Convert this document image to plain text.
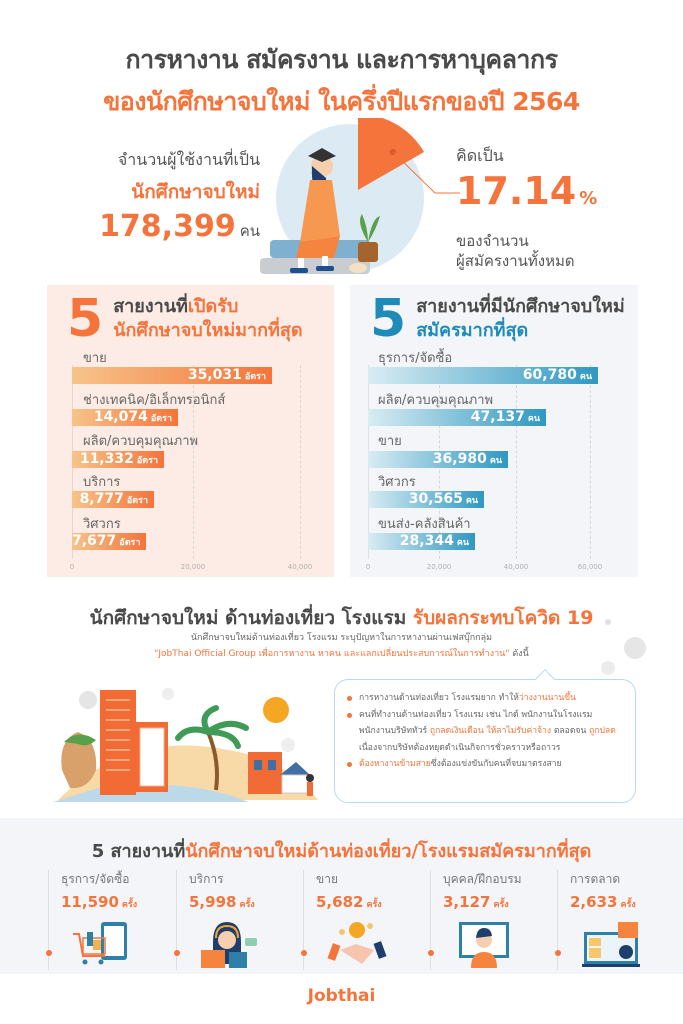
การหางาน สมัครงาน และการหาบุคลากร
ของนักศึกษาจบใหม่ ในครึ่งปีแรกของปี 2564
จำนวนผู้ใช้งานที่เป็น
นักศึกษาจบใหม่
178,399 คน
คิดเป็น
17.14 %
ของจำนวน
ผู้สมัครงานทั้งหมด
5 สายงานที่เปิดรับ
นักศึกษาจบใหม่มากที่สุด
ขาย
35,031 อัตรา
ช่างเทคนิค/อิเล็กทรอนิกส์
14,074 อัตรา
ผลิต/ควบคุมคุณภาพ
11,332 อัตรา
บริการ
8,777 อัตรา
วิศวกร
7,677 อัตรา
0	20,000	40,000
5 สายงานที่มีนักศึกษาจบใหม่
สมัครมากที่สุด
ธุรการ/จัดซื้อ
60,780 คน
ผลิต/ควบคุมคุณภาพ
47,137 คน
ขาย
36,980 คน
วิศวกร
30,565 คน
ขนส่ง-คลังสินค้า
28,344 คน
0	20,000	40,000	60,000
นักศึกษาจบใหม่ ด้านท่องเที่ยว โรงแรม รับผลกระทบโควิด 19
นักศึกษาจบใหม่ด้านท่องเที่ยว โรงแรม ระบุปัญหาในการหางานผ่านเฟสบุ๊กกลุ่ม
"JobThai Official Group เพื่อการหางาน หาคน และแลกเปลี่ยนประสบการณ์ในการทำงาน" ดังนี้
การหางานด้านท่องเที่ยว โรงแรมยาก ทำให้ว่างงานนานขึ้น
คนที่ทำงานด้านท่องเที่ยว โรงแรม เช่น ไกด์ พนักงานในโรงแรม พนักงานบริษัททัวร์ ถูกลดเงินเดือน ให้ลาไม่รับค่าจ้าง ตลอดจน ถูกปลด เนื่องจากบริษัทต้องหยุดดำเนินกิจการชั่วคราวหรือถาวร
ต้องหางานข้ามสายซึ่งต้องแข่งขันกับคนที่จบมาตรงสาย
5 สายงานที่นักศึกษาจบใหม่ด้านท่องเที่ยว/โรงแรมสมัครมากที่สุด
ธุรการ/จัดซื้อ
11,590 ครั้ง
บริการ
5,998 ครั้ง
ขาย
5,682 ครั้ง
บุคคล/ฝึกอบรม
3,127 ครั้ง
การตลาด
2,633 ครั้ง
Jobthai
